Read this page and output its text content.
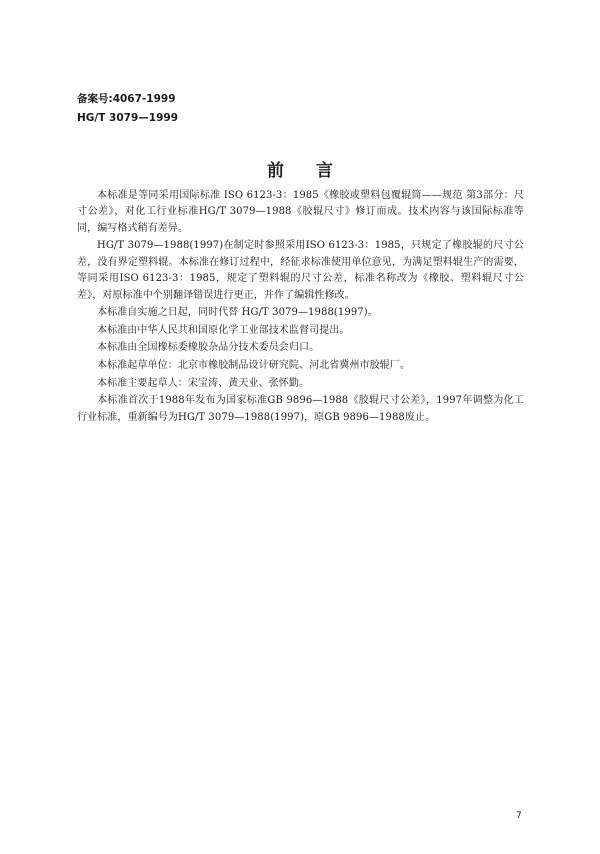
备案号:4067-1999
HG/T 3079—1999
前言

本标准是等同采用国际标准 ISO 6123-3：1985《橡胶或塑料包覆辊筒——规范 第3部分：尺寸公差》，对化工行业标准HG/T 3079—1988《胶辊尺寸》修订而成。技术内容与该国际标准等同，编写格式稍有差异。

HG/T 3079—1988(1997)在制定时参照采用ISO 6123-3：1985，只规定了橡胶辊的尺寸公差，没有界定塑料辊。本标准在修订过程中，经征求标准使用单位意见，为满足塑料辊生产的需要，等同采用ISO 6123-3：1985，规定了塑料辊的尺寸公差，标准名称改为《橡胶、塑料辊尺寸公差》，对原标准中个别翻译错误进行更正，并作了编辑性修改。

本标准自实施之日起，同时代替 HG/T 3079—1988(1997)。

本标准由中华人民共和国原化学工业部技术监督司提出。

本标准由全国橡标委橡胶杂品分技术委员会归口。

本标准起草单位：北京市橡胶制品设计研究院、河北省冀州市胶辊厂。

本标准主要起草人：宋宝涛、黄天业、张怀勤。

本标准首次于1988年发布为国家标准GB 9896—1988《胶辊尺寸公差》，1997年调整为化工行业标准，重新编号为HG/T 3079—1988(1997)，原GB 9896—1988废止。

7
